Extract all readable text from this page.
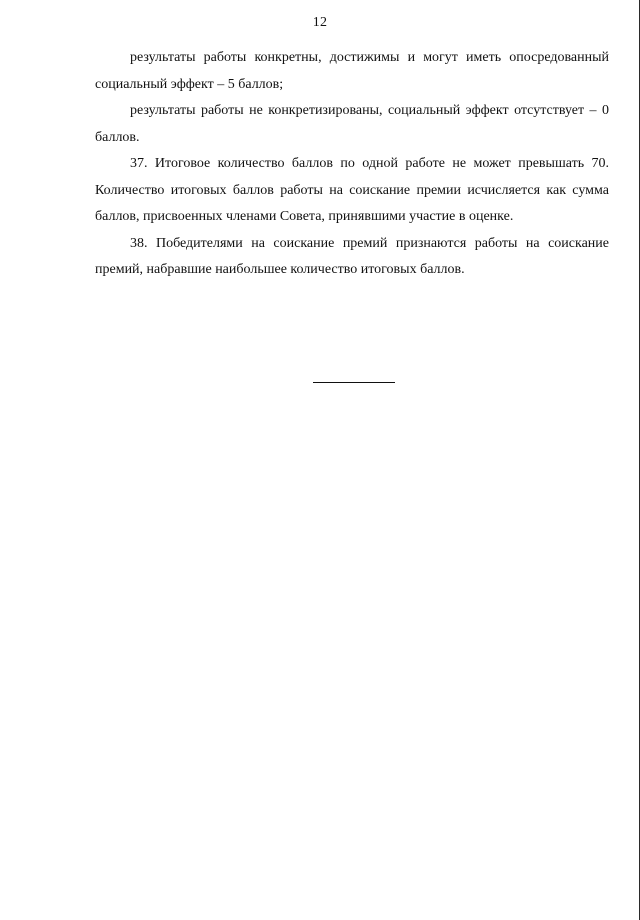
12

результаты работы конкретны, достижимы и могут иметь опосредованный социальный эффект – 5 баллов;

результаты работы не конкретизированы, социальный эффект отсутствует – 0 баллов.

37. Итоговое количество баллов по одной работе не может превышать 70. Количество итоговых баллов работы на соискание премии исчисляется как сумма баллов, присвоенных членами Совета, принявшими участие в оценке.

38. Победителями на соискание премий признаются работы на соискание премий, набравшие наибольшее количество итоговых баллов.
